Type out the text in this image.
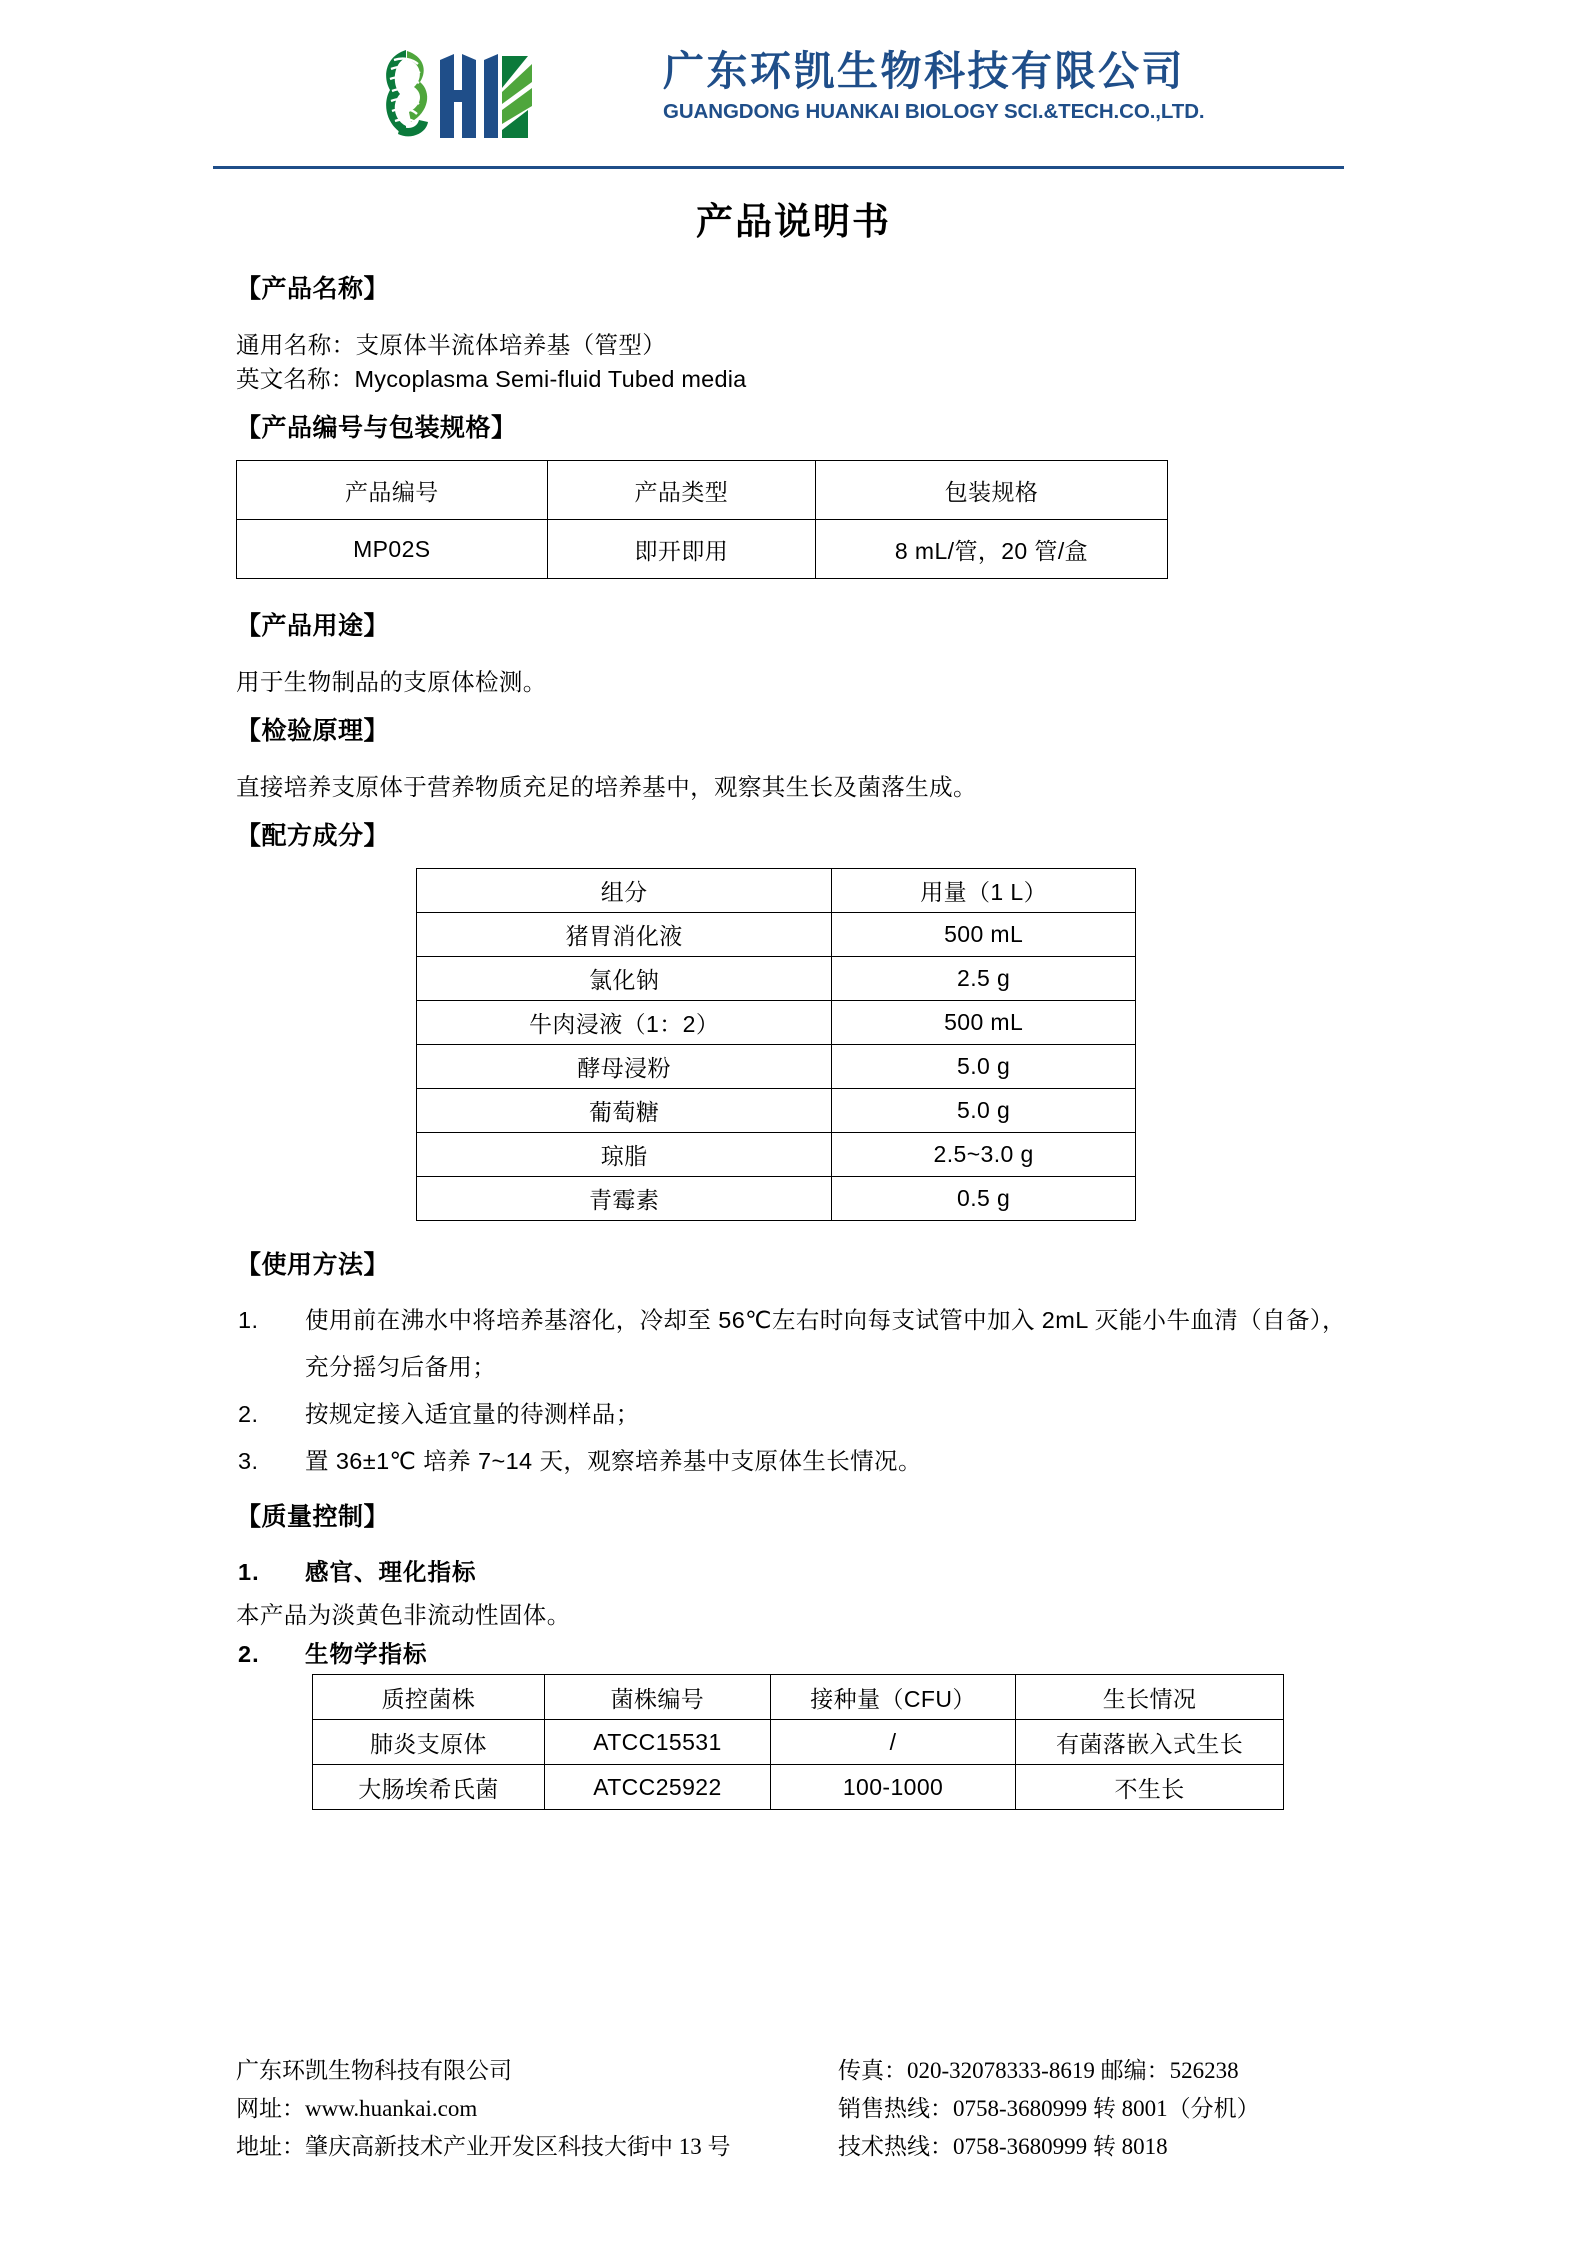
广东环凯生物科技有限公司
GUANGDONG HUANKAI BIOLOGY SCI.&TECH.CO.,LTD.
产品说明书
【产品名称】
通用名称：支原体半流体培养基（管型）
英文名称：Mycoplasma Semi-fluid Tubed media
【产品编号与包装规格】
产品编号	产品类型	包装规格
MP02S	即开即用	8 mL/管，20 管/盒
【产品用途】
用于生物制品的支原体检测。
【检验原理】
直接培养支原体于营养物质充足的培养基中，观察其生长及菌落生成。
【配方成分】
组分	用量（1 L）
猪胃消化液	500 mL
氯化钠	2.5 g
牛肉浸液（1：2）	500 mL
酵母浸粉	5.0 g
葡萄糖	5.0 g
琼脂	2.5~3.0 g
青霉素	0.5 g
【使用方法】
1.	使用前在沸水中将培养基溶化，冷却至 56℃左右时向每支试管中加入 2mL 灭能小牛血清（自备），
充分摇匀后备用；
2.	按规定接入适宜量的待测样品；
3.	置 36±1℃ 培养 7~14 天，观察培养基中支原体生长情况。
【质量控制】
1.	感官、理化指标
本产品为淡黄色非流动性固体。
2.	生物学指标
质控菌株	菌株编号	接种量（CFU）	生长情况
肺炎支原体	ATCC15531	/	有菌落嵌入式生长
大肠埃希氏菌	ATCC25922	100-1000	不生长
广东环凯生物科技有限公司
网址：www.huankai.com
地址：肇庆高新技术产业开发区科技大街中 13 号
传真：020-32078333-8619 邮编：526238
销售热线：0758-3680999 转 8001（分机）
技术热线：0758-3680999 转 8018
